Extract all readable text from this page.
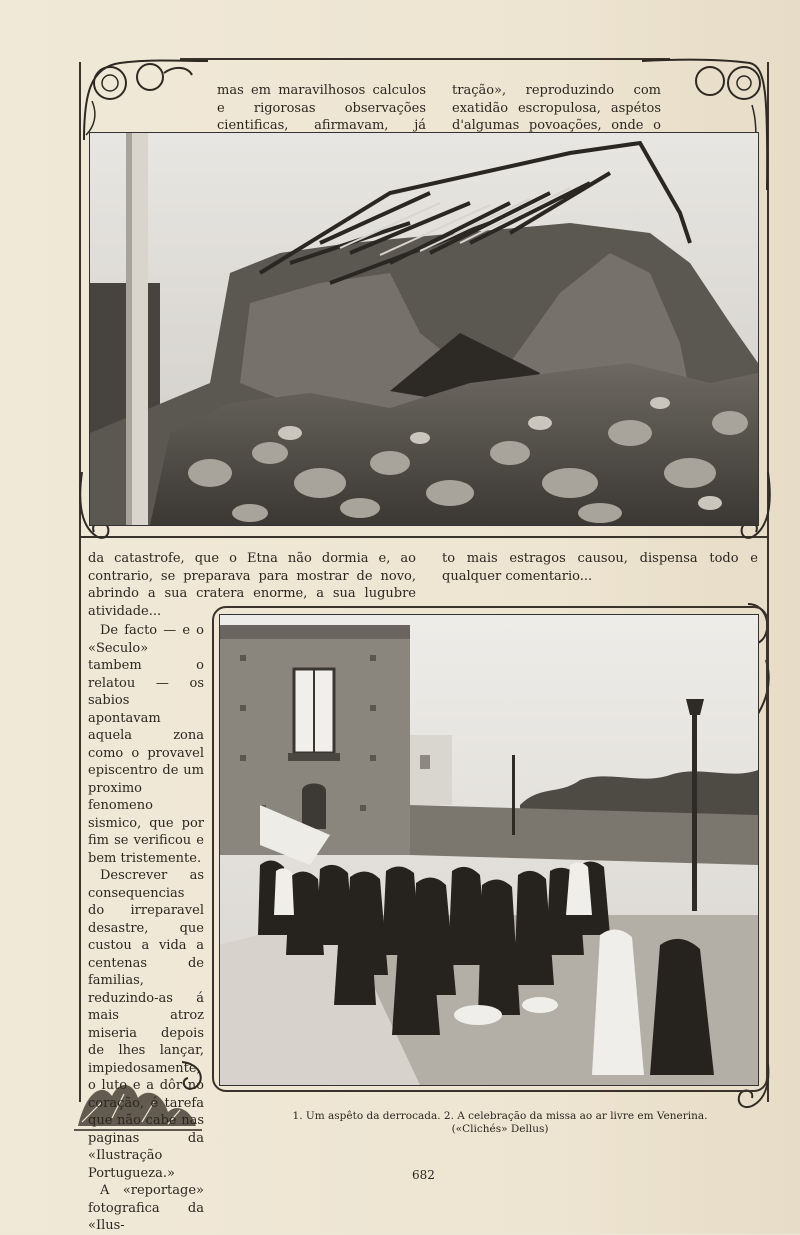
mas em maravilhosos calculos e rigorosas observações cientificas, afirmavam, já
tração», reproduzindo com exatidão escropulosa, aspétos d'algumas povoações, onde o
da catastrofe, que o Etna não dormia e, ao contrario, se preparava para mostrar de novo, abrindo a sua cratera enorme, a sua lugubre atividade...
to mais estragos causou, dispensa todo e qualquer comentario...

De facto — e o «Seculo» tambem o relatou — os sabios apontavam aquela zona como o provavel episcentro de um proximo fenomeno sismico, que por fim se verificou e bem tristemente.

Descrever as consequencias do irreparavel desastre, que custou a vida a centenas de familias, reduzindo-as á mais atroz miseria depois de lhes lançar, impiedosamente, o luto e a dôr no coração, é tarefa que não cabe nas paginas da «Ilustração Portugueza.»

A «reportage» fotografica da «Ilus-

1. Um aspêto da derrocada. 2. A celebração da missa ao ar livre em Venerina.
(«Clichés» Dellus)
682
